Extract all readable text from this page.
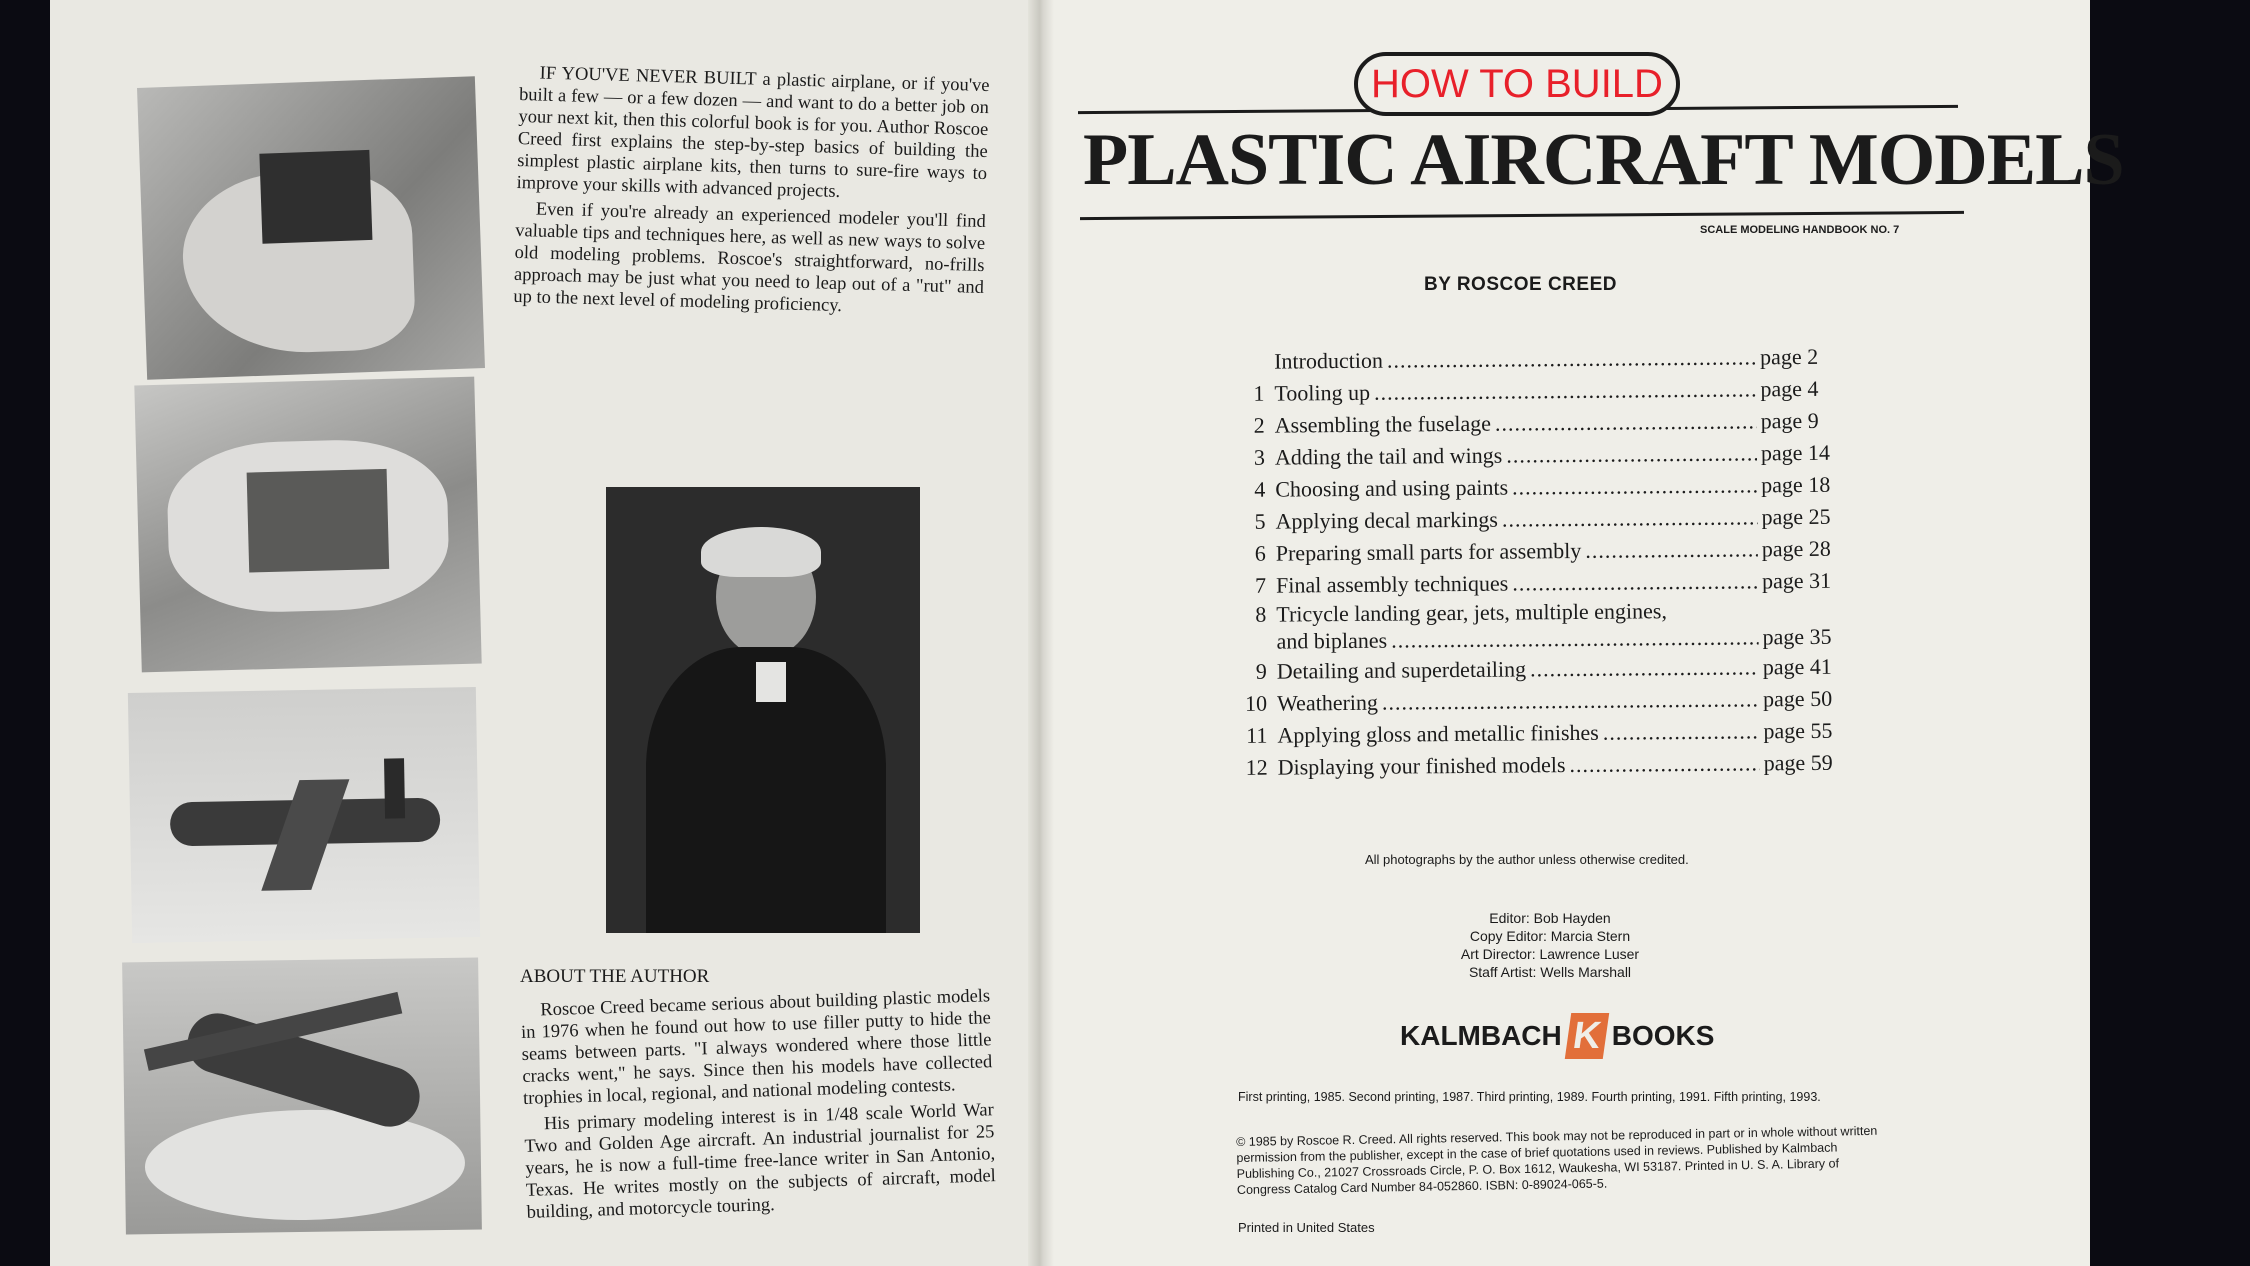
IF YOU'VE NEVER BUILT a plastic airplane, or if you've built a few — or a few dozen — and want to do a better job on your next kit, then this colorful book is for you. Author Roscoe Creed first explains the step-by-step basics of building the simplest plastic airplane kits, then turns to sure-fire ways to improve your skills with advanced projects.

Even if you're already an experienced modeler you'll find valuable tips and techniques here, as well as new ways to solve old modeling problems. Roscoe's straightforward, no-frills approach may be just what you need to leap out of a "rut" and up to the next level of modeling proficiency.

ABOUT THE AUTHOR

Roscoe Creed became serious about building plastic models in 1976 when he found out how to use filler putty to hide the seams between parts. "I always wondered where those little cracks went," he says. Since then his models have collected trophies in local, regional, and national modeling contests.

His primary modeling interest is in 1/48 scale World War Two and Golden Age aircraft. An industrial journalist for 25 years, he is now a full-time free-lance writer in San Antonio, Texas. He writes mostly on the subjects of aircraft, model building, and motorcycle touring.

HOW TO BUILD
PLASTIC AIRCRAFT MODELS
SCALE MODELING HANDBOOK NO. 7
BY ROSCOE CREED
Introduction .....	page 2
1 Tooling up .....	page 4
2 Assembling the fuselage .....	page 9
3 Adding the tail and wings .....	page 14
4 Choosing and using paints .....	page 18
5 Applying decal markings .....	page 25
6 Preparing small parts for assembly .....	page 28
7 Final assembly techniques .....	page 31
8 Tricycle landing gear, jets, multiple engines,
and biplanes .....	page 35
9 Detailing and superdetailing .....	page 41
10 Weathering .....	page 50
11 Applying gloss and metallic finishes .....	page 55
12 Displaying your finished models .....	page 59
All photographs by the author unless otherwise credited.
Editor: Bob Hayden
Copy Editor: Marcia Stern
Art Director: Lawrence Luser
Staff Artist: Wells Marshall
KALMBACH K BOOKS
First printing, 1985. Second printing, 1987. Third printing, 1989. Fourth printing, 1991. Fifth printing, 1993.
© 1985 by Roscoe R. Creed. All rights reserved. This book may not be reproduced in part or in whole without written permission from the publisher, except in the case of brief quotations used in reviews. Published by Kalmbach Publishing Co., 21027 Crossroads Circle, P. O. Box 1612, Waukesha, WI 53187. Printed in U. S. A. Library of Congress Catalog Card Number 84-052860. ISBN: 0-89024-065-5.
Printed in United States
